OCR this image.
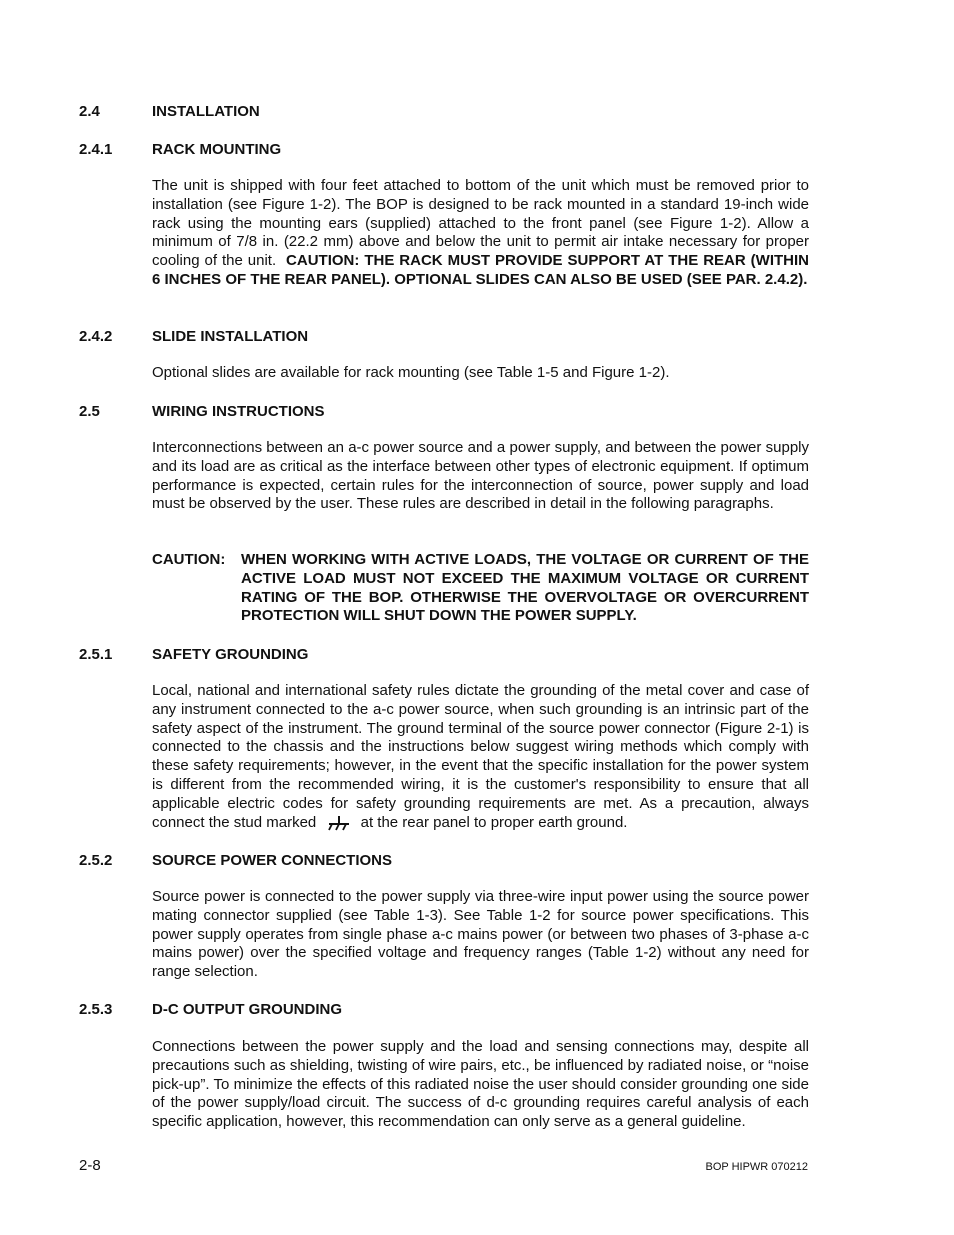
2.4	INSTALLATION
2.4.1	RACK MOUNTING

The unit is shipped with four feet attached to bottom of the unit which must be removed prior to installation (see Figure 1-2). The BOP is designed to be rack mounted in a standard 19-inch wide rack using the mounting ears (supplied) attached to the front panel (see Figure 1-2). Allow a minimum of 7/8 in. (22.2 mm) above and below the unit to permit air intake necessary for proper cooling of the unit. CAUTION: THE RACK MUST PROVIDE SUPPORT AT THE REAR (WITHIN 6 INCHES OF THE REAR PANEL). OPTIONAL SLIDES CAN ALSO BE USED (SEE PAR. 2.4.2).

2.4.2	SLIDE INSTALLATION

Optional slides are available for rack mounting (see Table 1-5 and Figure 1-2).

2.5	WIRING INSTRUCTIONS

Interconnections between an a-c power source and a power supply, and between the power supply and its load are as critical as the interface between other types of electronic equipment. If optimum performance is expected, certain rules for the interconnection of source, power supply and load must be observed by the user. These rules are described in detail in the following paragraphs.

CAUTION: WHEN WORKING WITH ACTIVE LOADS, THE VOLTAGE OR CURRENT OF THE ACTIVE LOAD MUST NOT EXCEED THE MAXIMUM VOLTAGE OR CURRENT RATING OF THE BOP. OTHERWISE THE OVERVOLTAGE OR OVERCURRENT PROTECTION WILL SHUT DOWN THE POWER SUPPLY.
2.5.1	SAFETY GROUNDING

Local, national and international safety rules dictate the grounding of the metal cover and case of any instrument connected to the a-c power source, when such grounding is an intrinsic part of the safety aspect of the instrument. The ground terminal of the source power connector (Figure 2-1) is connected to the chassis and the instructions below suggest wiring methods which comply with these safety requirements; however, in the event that the specific installation for the power system is different from the recommended wiring, it is the customer's responsibility to ensure that all applicable electric codes for safety grounding requirements are met. As a precaution, always connect the stud marked	at the rear panel to proper earth ground.

2.5.2	SOURCE POWER CONNECTIONS

Source power is connected to the power supply via three-wire input power using the source power mating connector supplied (see Table 1-3). See Table 1-2 for source power specifications. This power supply operates from single phase a-c mains power (or between two phases of 3-phase a-c mains power) over the specified voltage and frequency ranges (Table 1-2) without any need for range selection.

2.5.3	D-C OUTPUT GROUNDING

Connections between the power supply and the load and sensing connections may, despite all precautions such as shielding, twisting of wire pairs, etc., be influenced by radiated noise, or “noise pick-up”. To minimize the effects of this radiated noise the user should consider grounding one side of the power supply/load circuit. The success of d-c grounding requires careful analysis of each specific application, however, this recommendation can only serve as a general guideline.

2-8	BOP HIPWR 070212
